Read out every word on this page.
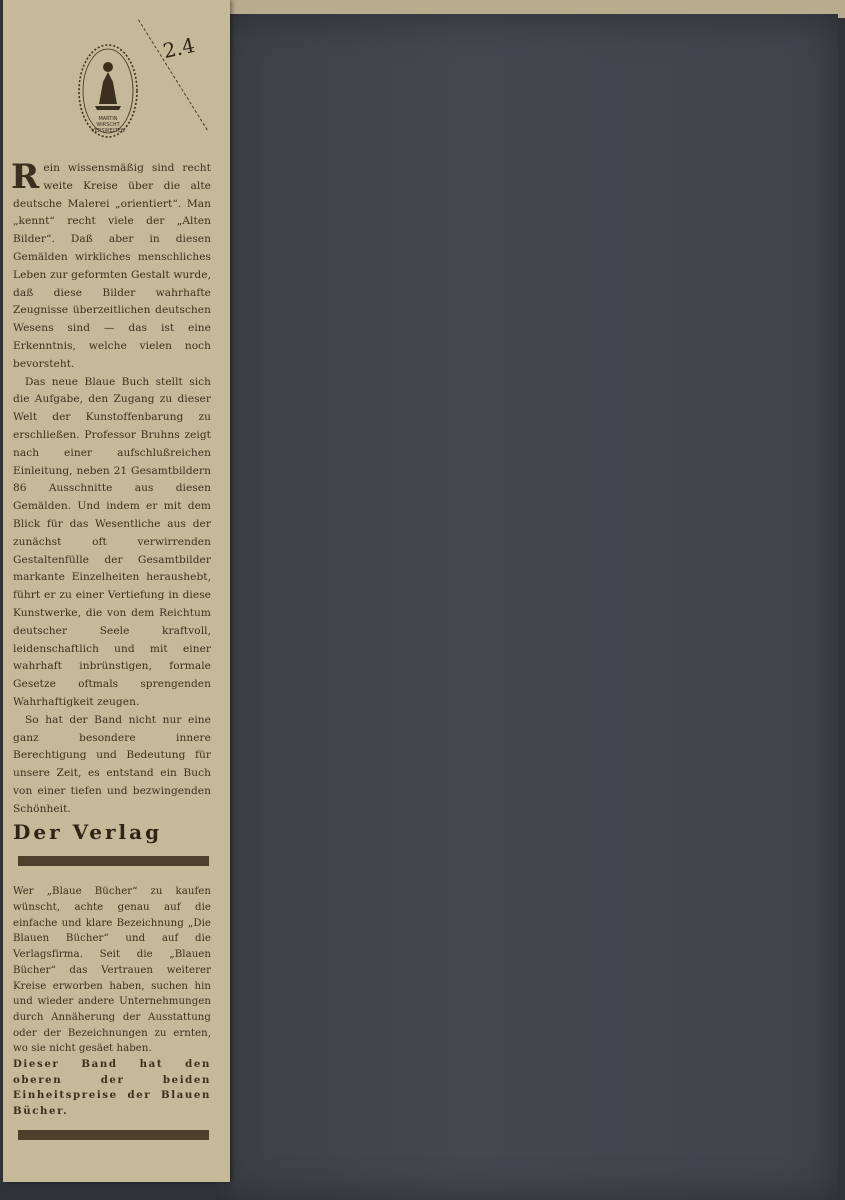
2.4
MARTIN
WIRSCHT
VERSWELTEN

Rein wissensmäßig sind recht weite Kreise über die alte deutsche Malerei „orientiert“. Man „kennt“ recht viele der „Alten Bilder“. Daß aber in diesen Gemälden wirkliches menschliches Leben zur geformten Gestalt wurde, daß diese Bilder wahrhafte Zeugnisse überzeitlichen deutschen Wesens sind — das ist eine Erkenntnis, welche vielen noch bevorsteht.

Das neue Blaue Buch stellt sich die Aufgabe, den Zugang zu dieser Welt der Kunstoffenbarung zu erschließen. Professor Bruhns zeigt nach einer aufschlußreichen Einleitung, neben 21 Gesamtbildern 86 Ausschnitte aus diesen Gemälden. Und indem er mit dem Blick für das Wesentliche aus der zunächst oft verwirrenden Gestaltenfülle der Gesamtbilder markante Einzelheiten heraushebt, führt er zu einer Vertiefung in diese Kunstwerke, die von dem Reichtum deutscher Seele kraftvoll, leidenschaftlich und mit einer wahrhaft inbrünstigen, formale Gesetze oftmals sprengenden Wahrhaftigkeit zeugen.

So hat der Band nicht nur eine ganz besondere innere Berechtigung und Bedeutung für unsere Zeit, es entstand ein Buch von einer tiefen und bezwingenden Schönheit.

Der Verlag

Wer „Blaue Bücher“ zu kaufen wünscht, achte genau auf die einfache und klare Bezeichnung „Die Blauen Bücher“ und auf die Verlagsfirma. Seit die „Blauen Bücher“ das Vertrauen weiterer Kreise erworben haben, suchen hin und wieder andere Unternehmungen durch Annäherung der Ausstattung oder der Bezeichnungen zu ernten, wo sie nicht gesäet haben.

Dieser Band hat den oberen der beiden Einheitspreise der Blauen Bücher.
